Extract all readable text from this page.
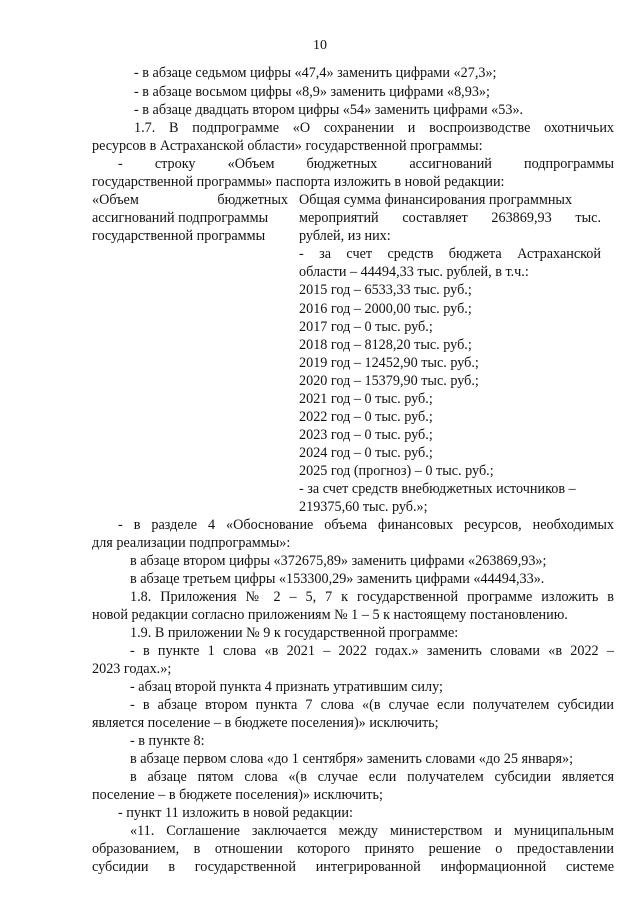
10
- в абзаце седьмом цифры «47,4» заменить цифрами «27,3»;
- в абзаце восьмом цифры «8,9» заменить цифрами «8,93»;
- в абзаце двадцать втором цифры «54» заменить цифрами «53».
1.7. В подпрограмме «О сохранении и воспроизводстве охотничьих
ресурсов в Астраханской области» государственной программы:
- строку «Объем бюджетных ассигнований подпрограммы
государственной программы» паспорта изложить в новой редакции:
«Объем бюджетных
ассигнований подпрограммы
государственной программы
Общая сумма финансирования программных
мероприятий составляет 263869,93 тыс.
рублей, из них:
- за счет средств бюджета Астраханской
области – 44494,33 тыс. рублей, в т.ч.:
2015 год – 6533,33 тыс. руб.;
2016 год – 2000,00 тыс. руб.;
2017 год – 0 тыс. руб.;
2018 год – 8128,20 тыс. руб.;
2019 год – 12452,90 тыс. руб.;
2020 год – 15379,90 тыс. руб.;
2021 год – 0 тыс. руб.;
2022 год – 0 тыс. руб.;
2023 год – 0 тыс. руб.;
2024 год – 0 тыс. руб.;
2025 год (прогноз) – 0 тыс. руб.;
- за счет средств внебюджетных источников –
219375,60 тыс. руб.»;
- в разделе 4 «Обоснование объема финансовых ресурсов, необходимых
для реализации подпрограммы»:
в абзаце втором цифры «372675,89» заменить цифрами «263869,93»;
в абзаце третьем цифры «153300,29» заменить цифрами «44494,33».
1.8. Приложения № 2 – 5, 7 к государственной программе изложить в
новой редакции согласно приложениям № 1 – 5 к настоящему постановлению.
1.9. В приложении № 9 к государственной программе:
- в пункте 1 слова «в 2021 – 2022 годах.» заменить словами «в 2022 –
2023 годах.»;
- абзац второй пункта 4 признать утратившим силу;
- в абзаце втором пункта 7 слова «(в случае если получателем субсидии
является поселение – в бюджете поселения)» исключить;
- в пункте 8:
в абзаце первом слова «до 1 сентября» заменить словами «до 25 января»;
в абзаце пятом слова «(в случае если получателем субсидии является
поселение – в бюджете поселения)» исключить;
- пункт 11 изложить в новой редакции:
«11. Соглашение заключается между министерством и муниципальным
образованием, в отношении которого принято решение о предоставлении
субсидии в государственной интегрированной информационной системе
